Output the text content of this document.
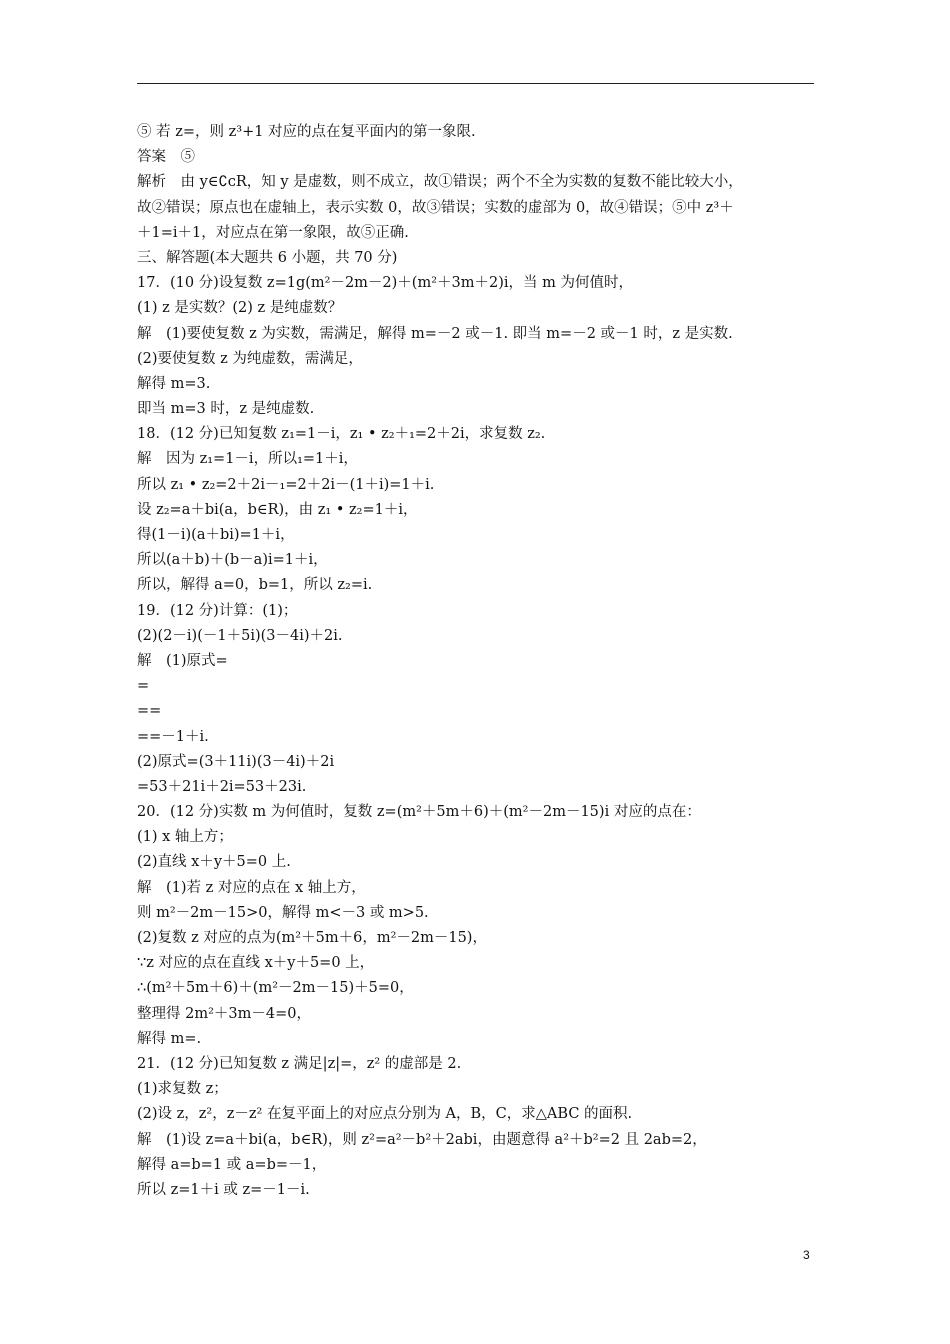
⑤ 若 z=，则 z³+1 对应的点在复平面内的第一象限.
答案　⑤
解析　由 y∈∁ᴄR，知 y 是虚数，则不成立，故①错误；两个不全为实数的复数不能比较大小，
故②错误；原点也在虚轴上，表示实数 0，故③错误；实数的虚部为 0，故④错误；⑤中 z³＋
＋1=i＋1，对应点在第一象限，故⑤正确.
三、解答题(本大题共 6 小题，共 70 分)
17．(10 分)设复数 z=1g(m²－2m－2)＋(m²＋3m＋2)i，当 m 为何值时，
(1) z 是实数？(2) z 是纯虚数？
解　(1)要使复数 z 为实数，需满足，解得 m=－2 或－1. 即当 m=－2 或－1 时，z 是实数.
(2)要使复数 z 为纯虚数，需满足，
解得 m=3.
即当 m=3 时，z 是纯虚数.
18．(12 分)已知复数 z₁=1－i，z₁ • z₂＋₁=2＋2i，求复数 z₂.
解　因为 z₁=1－i，所以₁=1＋i，
所以 z₁ • z₂=2＋2i－₁=2＋2i－(1＋i)=1＋i.
设 z₂=a＋bi(a，b∈R)，由 z₁ • z₂=1＋i，
得(1－i)(a＋bi)=1＋i，
所以(a＋b)＋(b－a)i=1＋i，
所以，解得 a=0，b=1，所以 z₂=i.
19．(12 分)计算：(1)；
(2)(2－i)(－1＋5i)(3－4i)＋2i.
解　(1)原式=
=
==
==－1＋i.
(2)原式=(3＋11i)(3－4i)＋2i
=53＋21i＋2i=53＋23i.
20．(12 分)实数 m 为何值时，复数 z=(m²＋5m＋6)＋(m²－2m－15)i 对应的点在：
(1) x 轴上方；
(2)直线 x＋y＋5=0 上.
解　(1)若 z 对应的点在 x 轴上方，
则 m²－2m－15>0，解得 m<－3 或 m>5.
(2)复数 z 对应的点为(m²＋5m＋6，m²－2m－15)，
∵z 对应的点在直线 x＋y＋5=0 上，
∴(m²＋5m＋6)＋(m²－2m－15)＋5=0，
整理得 2m²＋3m－4=0，
解得 m=.
21．(12 分)已知复数 z 满足|z|=，z² 的虚部是 2.
(1)求复数 z；
(2)设 z，z²，z－z² 在复平面上的对应点分别为 A，B，C，求△ABC 的面积.
解　(1)设 z=a＋bi(a，b∈R)，则 z²=a²－b²＋2abi，由题意得 a²＋b²=2 且 2ab=2，
解得 a=b=1 或 a=b=－1，
所以 z=1＋i 或 z=－1－i.
3
